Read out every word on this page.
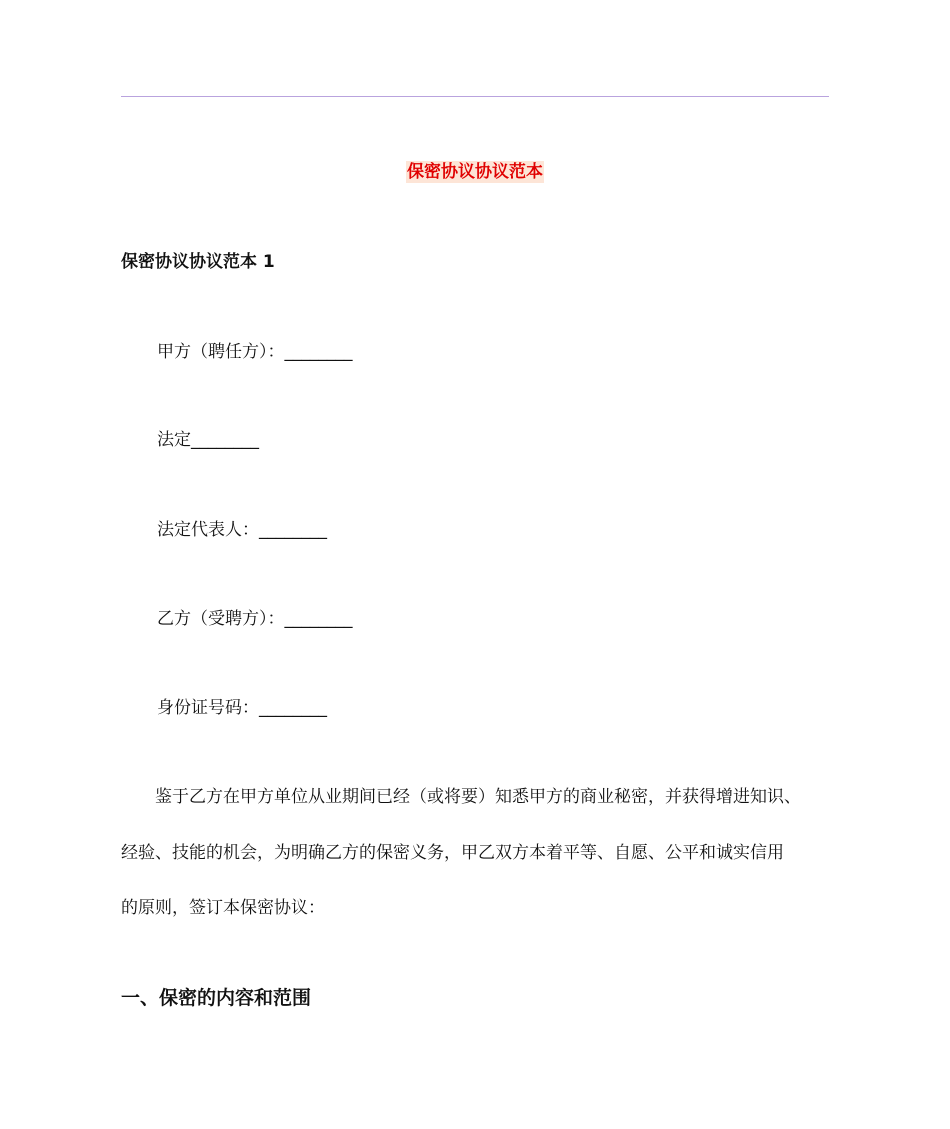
保密协议协议范本
保密协议协议范本 1
甲方（聘任方）：________
法定________
法定代表人：________
乙方（受聘方）：________
身份证号码：________
　　鉴于乙方在甲方单位从业期间已经（或将要）知悉甲方的商业秘密，并获得增进知识、
经验、技能的机会，为明确乙方的保密义务，甲乙双方本着平等、自愿、公平和诚实信用
的原则，签订本保密协议：
一、保密的内容和范围
